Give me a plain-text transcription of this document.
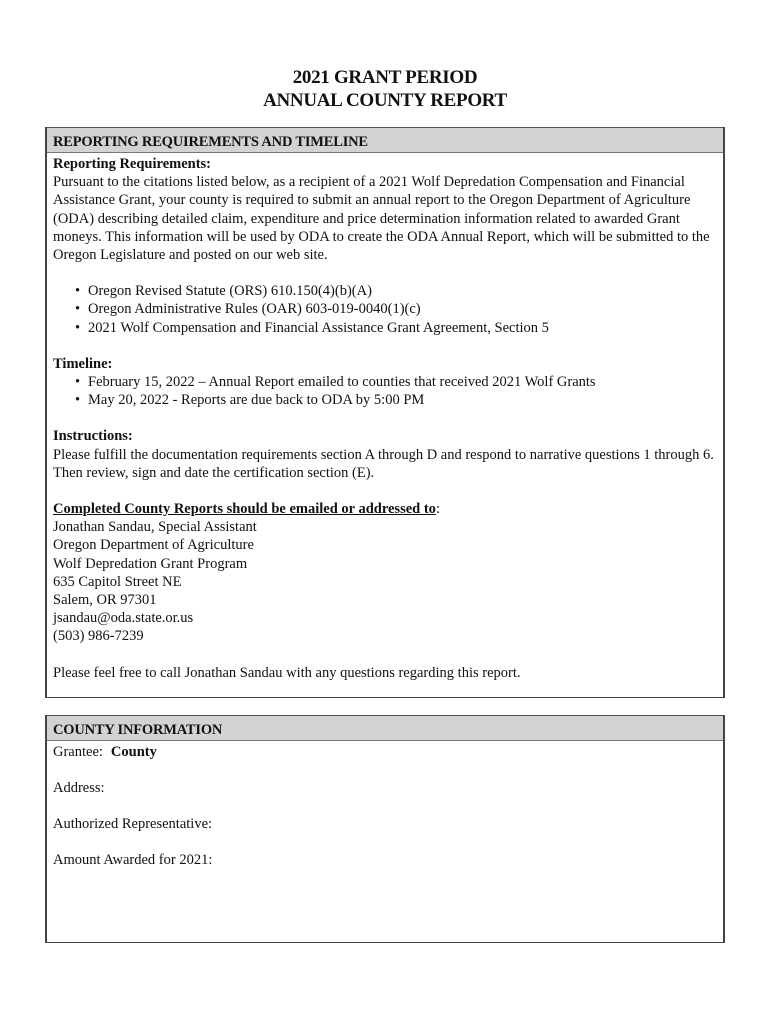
2021 GRANT PERIOD
ANNUAL COUNTY REPORT
REPORTING REQUIREMENTS AND TIMELINE

Reporting Requirements:

Pursuant to the citations listed below, as a recipient of a 2021 Wolf Depredation Compensation and Financial Assistance Grant, your county is required to submit an annual report to the Oregon Department of Agriculture (ODA) describing detailed claim, expenditure and price determination information related to awarded Grant moneys. This information will be used by ODA to create the ODA Annual Report, which will be submitted to the Oregon Legislature and posted on our web site.

• Oregon Revised Statute (ORS) 610.150(4)(b)(A)
• Oregon Administrative Rules (OAR) 603-019-0040(1)(c)
• 2021 Wolf Compensation and Financial Assistance Grant Agreement, Section 5

Timeline:

• February 15, 2022 – Annual Report emailed to counties that received 2021 Wolf Grants
• May 20, 2022 - Reports are due back to ODA by 5:00 PM

Instructions:

Please fulfill the documentation requirements section A through D and respond to narrative questions 1 through 6. Then review, sign and date the certification section (E).

Completed County Reports should be emailed or addressed to:

Jonathan Sandau, Special Assistant

Oregon Department of Agriculture

Wolf Depredation Grant Program

635 Capitol Street NE

Salem, OR 97301

jsandau@oda.state.or.us

(503) 986-7239

Please feel free to call Jonathan Sandau with any questions regarding this report.

COUNTY INFORMATION
Grantee: County
Address:
Authorized Representative:
Amount Awarded for 2021:
